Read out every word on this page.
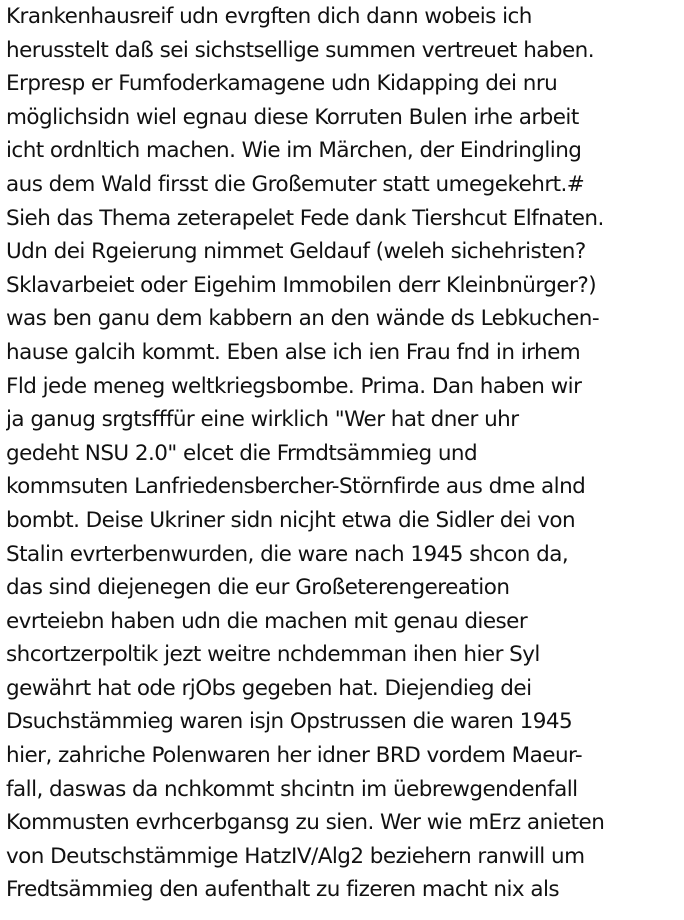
Krankenhausreif udn evrgften dich dann wobeis ich
herusstelt daß sei sichstsellige summen vertreuet haben.
Erpresp er Fumfoderkamagene udn Kidapping dei nru
möglichsidn wiel egnau diese Korruten Bulen irhe arbeit
icht ordnltich machen. Wie im Märchen, der Eindringling
aus dem Wald firsst die Großemuter statt umegekehrt.#
Sieh das Thema zeterapelet Fede dank Tiershcut Elfnaten.
Udn dei Rgeierung nimmet Geldauf (weleh sichehristen?
Sklavarbeiet oder Eigehim Immobilen derr Kleinbnürger?)
was ben ganu dem kabbern an den wände ds Lebkuchen-
hause galcih kommt. Eben alse ich ien Frau fnd in irhem
Fld jede meneg weltkriegsbombe. Prima. Dan haben wir
ja ganug srgtsfffür eine wirklich "Wer hat dner uhr
gedeht NSU 2.0" elcet die Frmdtsämmieg und
kommsuten Lanfriedensbercher-Störnfirde aus dme alnd
bombt. Deise Ukriner sidn nicjht etwa die Sidler dei von
Stalin evrterbenwurden, die ware nach 1945 shcon da,
das sind diejenegen die eur Großeterengereation
evrteiebn haben udn die machen mit genau dieser
shcortzerpoltik jezt weitre nchdemman ihen hier Syl
gewährt hat ode rjObs gegeben hat. Diejendieg dei
Dsuchstämmieg waren isjn Opstrussen die waren 1945
hier, zahriche Polenwaren her idner BRD vordem Maeur-
fall, daswas da nchkommt shcintn im üebrewgendenfall
Kommusten evrhcerbgansg zu sien. Wer wie mErz anieten
von Deutschstämmige HatzIV/Alg2 beziehern ranwill um
Fredtsämmieg den aufenthalt zu fizeren macht nix als
